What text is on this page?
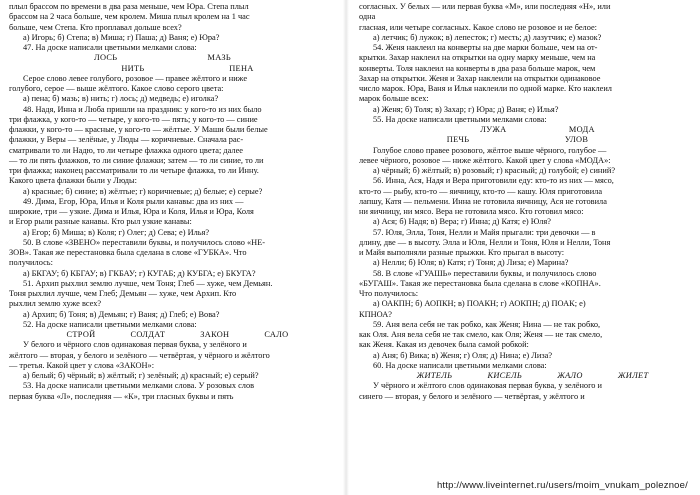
плыл брассом по времени в два раза меньше, чем Юра. Степа плыл

брассом на 2 часа больше, чем кролем. Миша плыл кролем на 1 час

больше, чем Степа. Кто проплавал дольше всех?

а) Игорь; б) Степа; в) Миша; г) Паша; д) Ваня; е) Юра?

47. На доске написали цветными мелками слова:

ЛОСЬ	МАЗЬ
НИТЬ	ПЕНА

Серое слово левее голубого, розовое — правее жёлтого и ниже

голубого, серое — выше жёлтого. Какое слово серого цвета:

а) пена; б) мазь; в) нить; г) лось; д) медведь; е) иголка?

48. Надя, Инна и Люба пришли на праздник: у кого-то из них было

три флажка, у кого-то — четыре, у кого-то — пять; у кого-то — синие

флажки, у кого-то — красные, у кого-то — жёлтые. У Маши были белые

флажки, у Веры — зелёные, у Люды — коричневые. Сначала рас-

сматривали то ли Надю, то ли четыре флажка одного цвета; далее

— то ли пять флажков, то ли синие флажки; затем — то ли синие, то ли

три флажка; наконец рассматривали то ли четыре флажка, то ли Инну.

Какого цвета флажки были у Люды:

а) красные; б) синие; в) жёлтые; г) коричневые; д) белые; е) серые?

49. Дима, Егор, Юра, Илья и Коля рыли канавы: два из них —

широкие, три — узкие. Дима и Илья, Юра и Коля, Илья и Юра, Коля

и Егор рыли разные канавы. Кто рыл узкие канавы:

а) Егор; б) Миша; в) Коля; г) Олег; д) Сева; е) Илья?

50. В слове «ЗВЕНО» переставили буквы, и получилось слово «НЕ-

ЗОВ». Такая же перестановка была сделана в слове «ГУБКА». Что

получилось:

а) БКГАУ; б) КБГАУ; в) ГКБАУ; г) КУГАБ; д) КУБГА; е) БКУГА?

51. Архип рыхлил землю лучше, чем Тоня; Глеб — хуже, чем Демьян.

Тоня рыхлил лучше, чем Глеб; Демьян — хуже, чем Архип. Кто

рыхлил землю хуже всех?

а) Архип; б) Тоня; в) Демьян; г) Ваня; д) Глеб; е) Вова?

52. На доске написали цветными мелками слова:

СТРОЙ	СОЛДАТ	ЗАКОН	САЛО

У белого и чёрного слов одинаковая первая буква, у зелёного и

жёлтого — вторая, у белого и зелёного — четвёртая, у чёрного и жёлтого

— третья. Какой цвет у слова «ЗАКОН»:

а) белый; б) чёрный; в) жёлтый; г) зелёный; д) красный; е) серый?

53. На доске написали цветными мелками слова. У розовых слов

первая буква «Л», последняя — «К», три гласных буквы и пять

согласных. У белых — или первая буква «М», или последняя «Н», или

одна

гласная, или четыре согласных. Какое слово не розовое и не белое:

а) летчик; б) лужок; в) лепесток; г) месть; д) лазутчик; е) мазок?

54. Женя наклеил на конверты на две марки больше, чем на от-

крытки. Захар наклеил на открытки на одну марку меньше, чем на

конверты. Толя наклеил на конверты в два раза больше марок, чем

Захар на открытки. Женя и Захар наклеили на открытки одинаковое

число марок. Юра, Ваня и Илья наклеили по одной марке. Кто наклеил

марок больше всех:

а) Женя; б) Толя; в) Захар; г) Юра; д) Ваня; е) Илья?

55. На доске написали цветными мелками слова:

ЛУЖА	МОДА
ПЕЧЬ	УЛОВ

Голубое слово правее розового, жёлтое выше чёрного, голубое —

левее чёрного, розовое — ниже жёлтого. Какой цвет у слова «МОДА»:

а) чёрный; б) жёлтый; в) розовый; г) красный; д) голубой; е) синий?

56. Инна, Ася, Надя и Вера приготовили еду: кто-то из них — мясо,

кто-то — рыбу, кто-то — яичницу, кто-то — кашу. Юля приготовила

лапшу, Катя — пельмени. Инна не готовила яичницу, Ася не готовила

ни яичницу, ни мясо. Вера не готовила мясо. Кто готовил мясо:

а) Ася; б) Надя; в) Вера; г) Инна; д) Катя; е) Юля?

57. Юля, Элла, Тоня, Нелли и Майя прыгали: три девочки — в

длину, две — в высоту. Элла и Юля, Нелли и Тоня, Юля и Нелли, Тоня

и Майя выполняли разные прыжки. Кто прыгал в высоту:

а) Нелли; б) Юля; в) Катя; г) Тоня; д) Лиза; е) Марина?

58. В слове «ГУАШЬ» переставили буквы, и получилось слово

«БУГАШ». Такая же перестановка была сделана в слове «КОПНА».

Что получилось:

а) ОАКПН; б) АОПКН; в) ПОАКН; г) АОКПН; д) ПОАК; е)

КПНОА?

59. Аня вела себя не так робко, как Женя; Нина — не так робко,

как Оля. Аня вела себя не так смело, как Оля; Женя — не так смело,

как Женя. Какая из девочек была самой робкой:

а) Аня; б) Вика; в) Женя; г) Оля; д) Нина; е) Лиза?

60. На доске написали цветными мелками слова:

ЖИТЕЛЬ	КИСЕЛЬ	ЖАЛО	ЖИЛЕТ

У чёрного и жёлтого слов одинаковая первая буква, у зелёного и

синего — вторая, у белого и зелёного — четвёртая, у жёлтого и

http://www.liveinternet.ru/users/moim_vnukam_poleznoe/
